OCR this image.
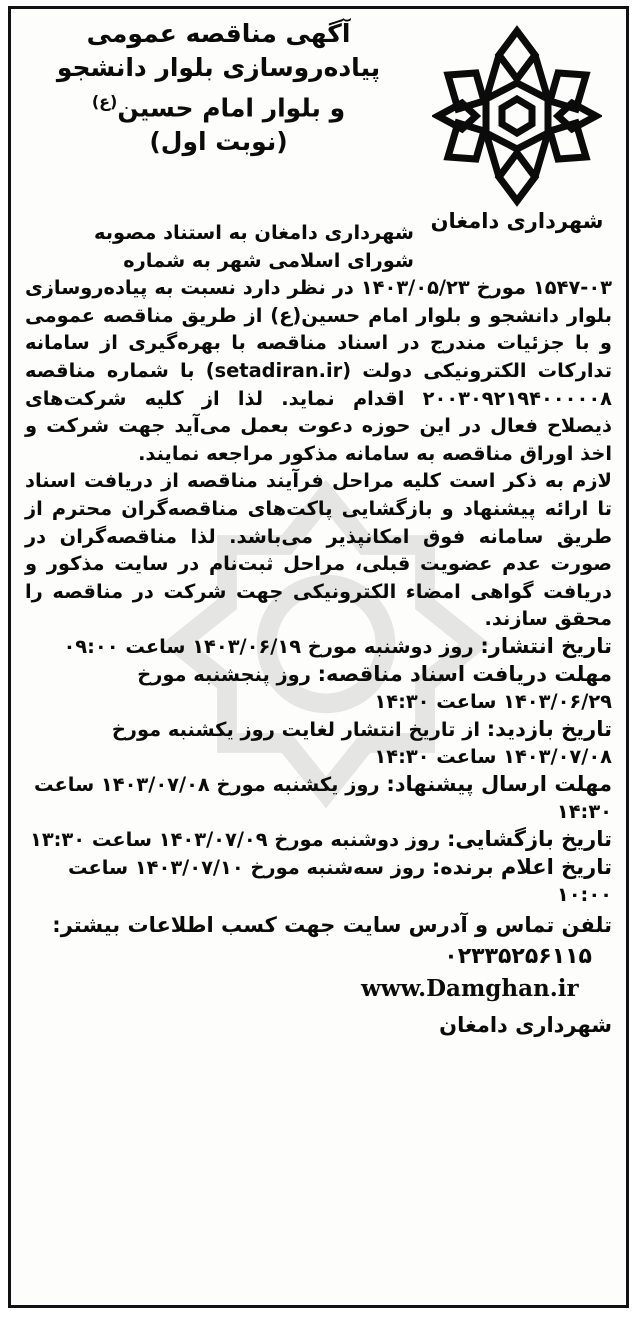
شهرداری دامغان
آگهی مناقصه عمومی
پیاده‌روسازی بلوار دانشجو
و بلوار امام حسین$^{(ع)}$
(نوبت اول)
شهرداری دامغان به استناد مصوبه
شورای اسلامی شهر به شماره
۱۵۴۷-۰۳ مورخ ۱۴۰۳/۰۵/۲۳ در نظر دارد نسبت به پیاده‌روسازی بلوار دانشجو و بلوار امام حسین(ع) از طریق مناقصه عمومی و با جزئیات مندرج در اسناد مناقصه با بهره‌گیری از سامانه تدارکات الکترونیکی دولت (setadiran.ir) با شماره مناقصه ۲۰۰۳۰۹۲۱۹۴۰۰۰۰۰۸ اقدام نماید. لذا از کلیه شرکت‌های ذیصلاح فعال در این حوزه دعوت بعمل می‌آید جهت شرکت و اخذ اوراق مناقصه به سامانه مذکور مراجعه نمایند.

لازم به ذکر است کلیه مراحل فرآیند مناقصه از دریافت اسناد تا ارائه پیشنهاد و بازگشایی پاکت‌های مناقصه‌گران محترم از طریق سامانه فوق امکانپذیر می‌باشد. لذا مناقصه‌گران در صورت عدم عضویت قبلی، مراحل ثبت‌نام در سایت مذکور و دریافت گواهی امضاء الکترونیکی جهت شرکت در مناقصه را محقق سازند.

تاریخ انتشار: روز دوشنبه مورخ ۱۴۰۳/۰۶/۱۹ ساعت ۰۹:۰۰

مهلت دریافت اسناد مناقصه: روز پنجشنبه مورخ ۱۴۰۳/۰۶/۲۹ ساعت ۱۴:۳۰

تاریخ بازدید: از تاریخ انتشار لغایت روز یکشنبه مورخ ۱۴۰۳/۰۷/۰۸ ساعت ۱۴:۳۰

مهلت ارسال پیشنهاد: روز یکشنبه مورخ ۱۴۰۳/۰۷/۰۸ ساعت ۱۴:۳۰

تاریخ بازگشایی: روز دوشنبه مورخ ۱۴۰۳/۰۷/۰۹ ساعت ۱۳:۳۰

تاریخ اعلام برنده: روز سه‌شنبه مورخ ۱۴۰۳/۰۷/۱۰ ساعت ۱۰:۰۰

تلفن تماس و آدرس سایت جهت کسب اطلاعات بیشتر:
۰۲۳۳۵۲۵۶۱۱۵
www.Damghan.ir
شهرداری دامغان
